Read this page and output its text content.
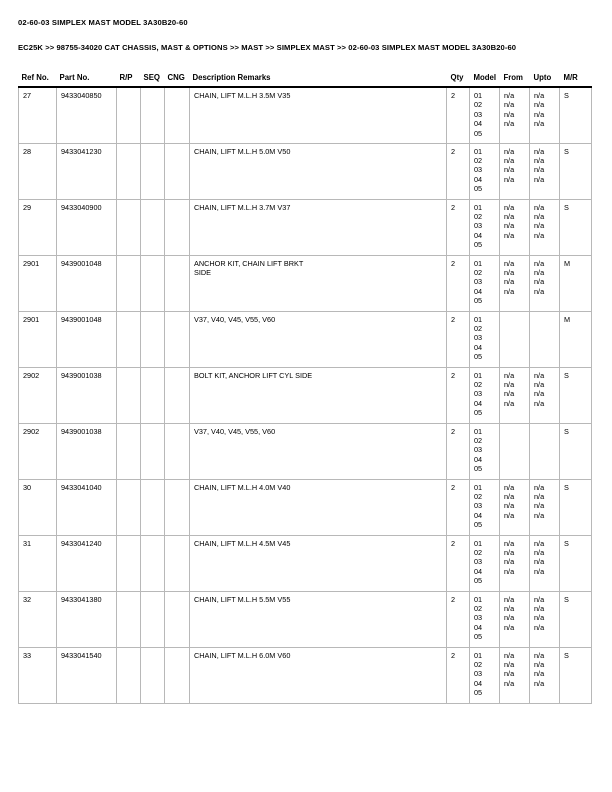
02-60-03 SIMPLEX MAST MODEL 3A30B20-60
EC25K >> 98755-34020 CAT CHASSIS, MAST & OPTIONS >> MAST >> SIMPLEX MAST >> 02-60-03 SIMPLEX MAST MODEL 3A30B20-60
Ref No.	Part No.	R/P	SEQ	CNG	Description Remarks	Qty	Model	From	Upto	M/R
27	9433040850				CHAIN, LIFT M.L.H 3.5M V35	2	01
02
03
04
05	n/a
n/a
n/a
n/a	n/a
n/a
n/a
n/a	S
28	9433041230				CHAIN, LIFT M.L.H 5.0M V50	2	01
02
03
04
05	n/a
n/a
n/a
n/a	n/a
n/a
n/a
n/a	S
29	9433040900				CHAIN, LIFT M.L.H 3.7M V37	2	01
02
03
04
05	n/a
n/a
n/a
n/a	n/a
n/a
n/a
n/a	S
2901	9439001048				ANCHOR KIT, CHAIN LIFT BRKT
SIDE	2	01
02
03
04
05	n/a
n/a
n/a
n/a	n/a
n/a
n/a
n/a	M
2901	9439001048				V37, V40, V45, V55, V60	2	01
02
03
04
05			M
2902	9439001038				BOLT KIT, ANCHOR LIFT CYL SIDE	2	01
02
03
04
05	n/a
n/a
n/a
n/a	n/a
n/a
n/a
n/a	S
2902	9439001038				V37, V40, V45, V55, V60	2	01
02
03
04
05			S
30	9433041040				CHAIN, LIFT M.L.H 4.0M V40	2	01
02
03
04
05	n/a
n/a
n/a
n/a	n/a
n/a
n/a
n/a	S
31	9433041240				CHAIN, LIFT M.L.H 4.5M V45	2	01
02
03
04
05	n/a
n/a
n/a
n/a	n/a
n/a
n/a
n/a	S
32	9433041380				CHAIN, LIFT M.L.H 5.5M V55	2	01
02
03
04
05	n/a
n/a
n/a
n/a	n/a
n/a
n/a
n/a	S
33	9433041540				CHAIN, LIFT M.L.H 6.0M V60	2	01
02
03
04
05	n/a
n/a
n/a
n/a	n/a
n/a
n/a
n/a	S
